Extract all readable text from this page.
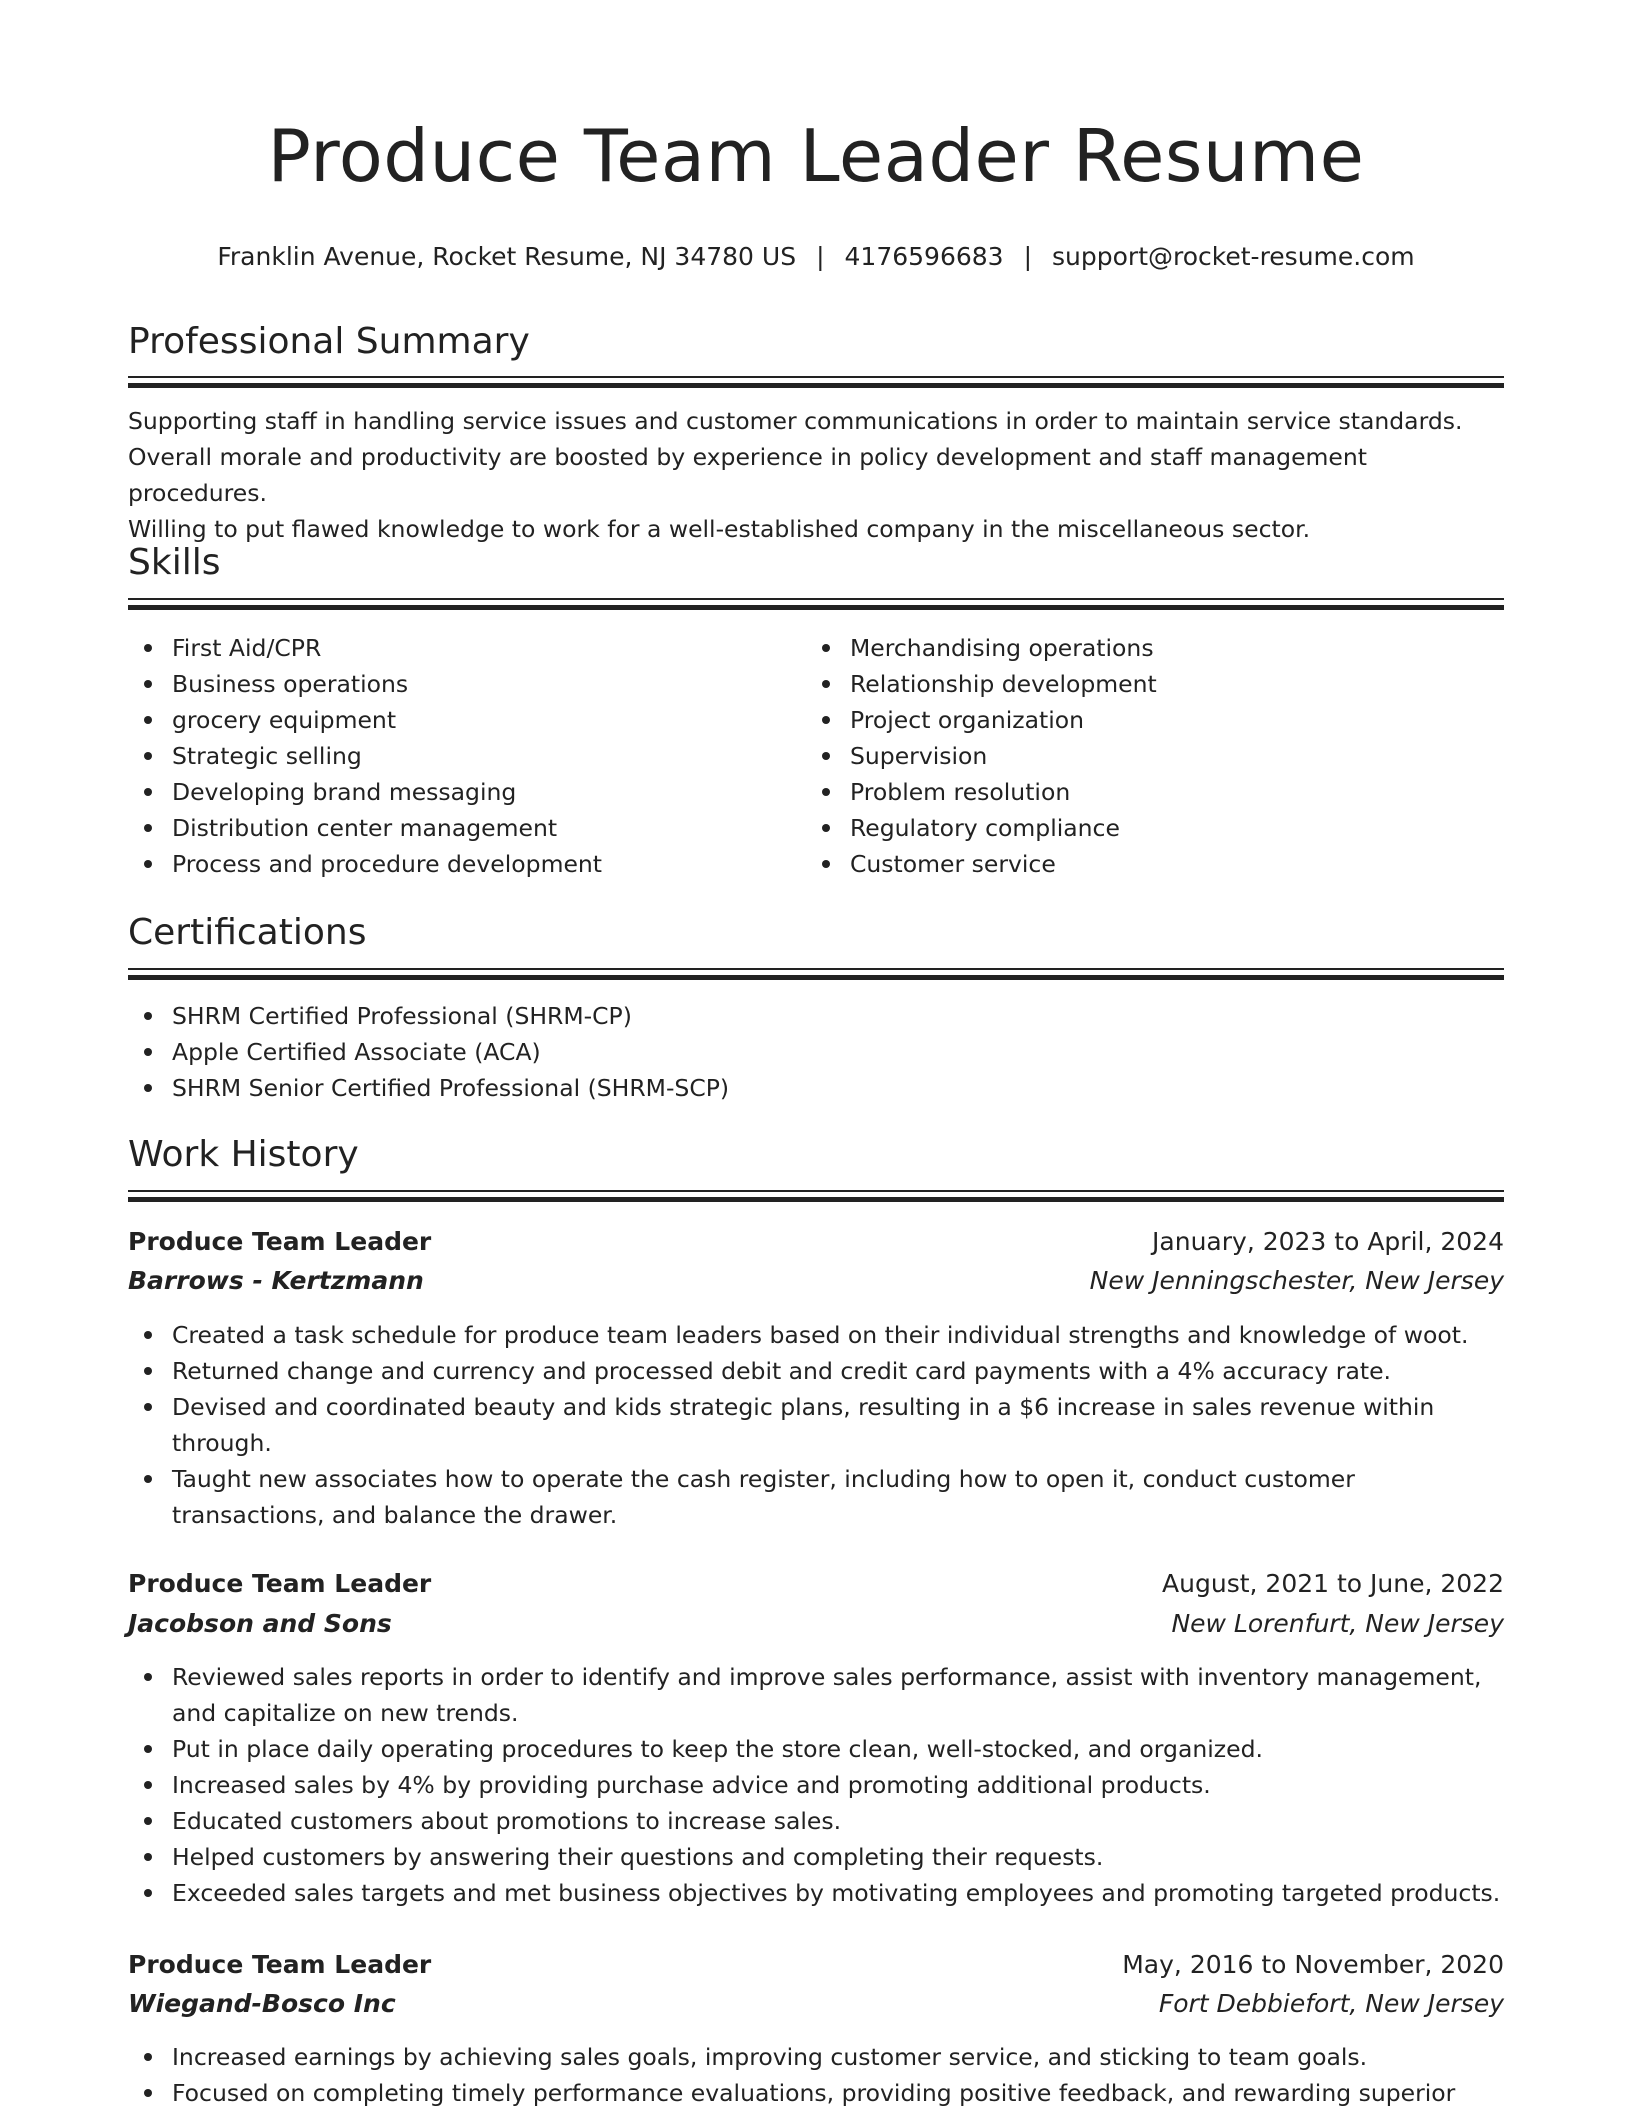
Produce Team Leader Resume
Franklin Avenue, Rocket Resume, NJ 34780 US | 4176596683 | support@rocket-resume.com
Professional Summary
Supporting staff in handling service issues and customer communications in order to maintain service standards.
Overall morale and productivity are boosted by experience in policy development and staff management procedures.
Willing to put flawed knowledge to work for a well-established company in the miscellaneous sector.
Skills
First Aid/CPR
Business operations
grocery equipment
Strategic selling
Developing brand messaging
Distribution center management
Process and procedure development
Merchandising operations
Relationship development
Project organization
Supervision
Problem resolution
Regulatory compliance
Customer service
Certifications
SHRM Certified Professional (SHRM-CP)
Apple Certified Associate (ACA)
SHRM Senior Certified Professional (SHRM-SCP)
Work History
Produce Team Leader	January, 2023 to April, 2024
Barrows - Kertzmann	New Jenningschester, New Jersey
Created a task schedule for produce team leaders based on their individual strengths and knowledge of woot.
Returned change and currency and processed debit and credit card payments with a 4% accuracy rate.
Devised and coordinated beauty and kids strategic plans, resulting in a $6 increase in sales revenue within through.
Taught new associates how to operate the cash register, including how to open it, conduct customer transactions, and balance the drawer.
Produce Team Leader	August, 2021 to June, 2022
Jacobson and Sons	New Lorenfurt, New Jersey
Reviewed sales reports in order to identify and improve sales performance, assist with inventory management, and capitalize on new trends.
Put in place daily operating procedures to keep the store clean, well-stocked, and organized.
Increased sales by 4% by providing purchase advice and promoting additional products.
Educated customers about promotions to increase sales.
Helped customers by answering their questions and completing their requests.
Exceeded sales targets and met business objectives by motivating employees and promoting targeted products.
Produce Team Leader	May, 2016 to November, 2020
Wiegand-Bosco Inc	Fort Debbiefort, New Jersey
Increased earnings by achieving sales goals, improving customer service, and sticking to team goals.
Focused on completing timely performance evaluations, providing positive feedback, and rewarding superior
